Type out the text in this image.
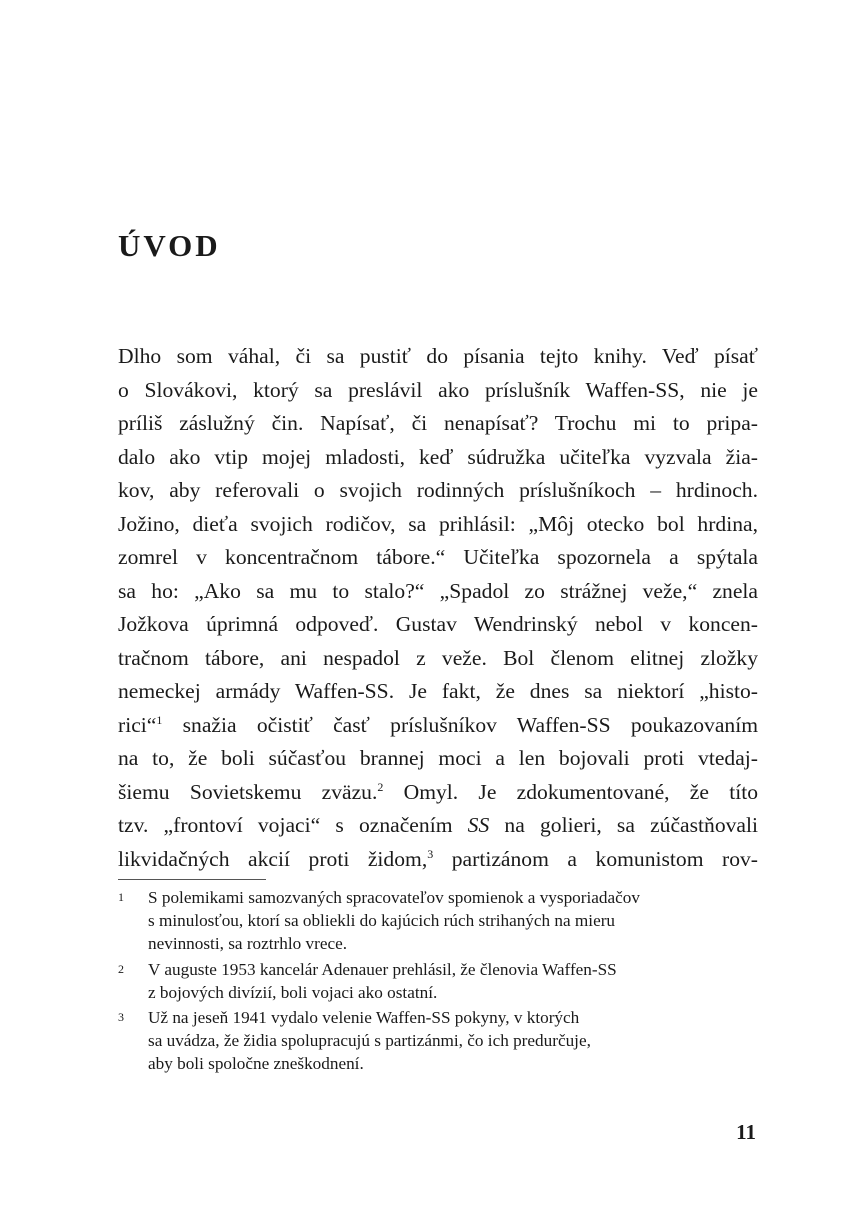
ÚVOD
Dlho som váhal, či sa pustiť do písania tejto knihy. Veď písať
o Slovákovi, ktorý sa preslávil ako príslušník Waffen-SS, nie je
príliš záslužný čin. Napísať, či nenapísať? Trochu mi to pripa-
dalo ako vtip mojej mladosti, keď súdružka učiteľka vyzvala žia-
kov, aby referovali o svojich rodinných príslušníkoch – hrdinoch.
Jožino, dieťa svojich rodičov, sa prihlásil: „Môj otecko bol hrdina,
zomrel v koncentračnom tábore.“ Učiteľka spozornela a spýtala
sa ho: „Ako sa mu to stalo?“ „Spadol zo strážnej veže,“ znela
Jožkova úprimná odpoveď. Gustav Wendrinský nebol v koncen-
tračnom tábore, ani nespadol z veže. Bol členom elitnej zložky
nemeckej armády Waffen-SS. Je fakt, že dnes sa niektorí „histo-
rici“$^1$ snažia očistiť časť príslušníkov Waffen-SS poukazovaním
na to, že boli súčasťou brannej moci a len bojovali proti vtedaj-
šiemu Sovietskemu zväzu.$^2$ Omyl. Je zdokumentované, že títo
tzv. „frontoví vojaci“ s označením SS na golieri, sa zúčastňovali
likvidačných akcií proti židom,$^3$ partizánom a komunistom rov-
1 S polemikami samozvaných spracovateľov spomienok a vysporiadačov
s minulosťou, ktorí sa obliekli do kajúcich rúch strihaných na mieru
nevinnosti, sa roztrhlo vrece.
2 V auguste 1953 kancelár Adenauer prehlásil, že členovia Waffen-SS
z bojových divízií, boli vojaci ako ostatní.
3 Už na jeseň 1941 vydalo velenie Waffen-SS pokyny, v ktorých
sa uvádza, že židia spolupracujú s partizánmi, čo ich predurčuje,
aby boli spoločne zneškodnení.
11
